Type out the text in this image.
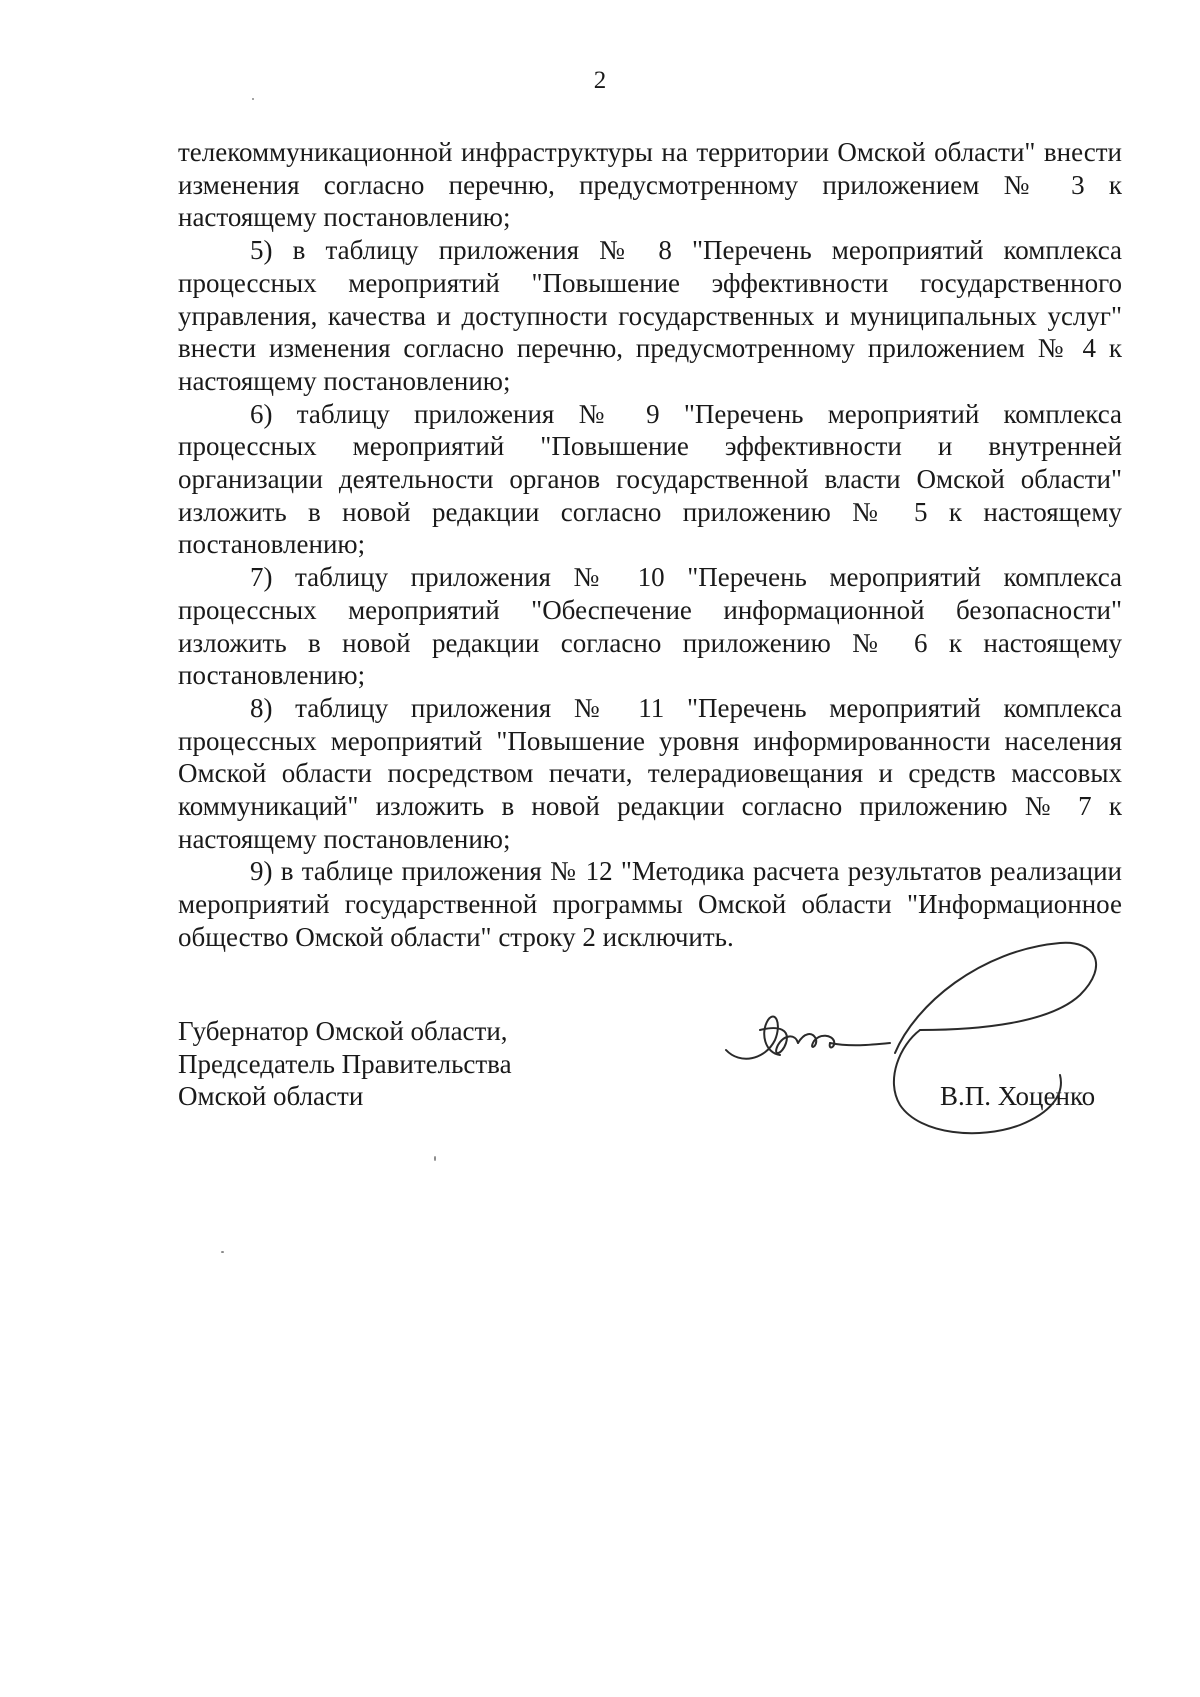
2

телекоммуникационной инфраструктуры на территории Омской области" внести изменения согласно перечню, предусмотренному приложением № 3 к настоящему постановлению;

5) в таблицу приложения № 8 "Перечень мероприятий комплекса процессных мероприятий "Повышение эффективности государственного управления, качества и доступности государственных и муниципальных услуг" внести изменения согласно перечню, предусмотренному приложением № 4 к настоящему постановлению;

6) таблицу приложения № 9 "Перечень мероприятий комплекса процессных мероприятий "Повышение эффективности и внутренней организации деятельности органов государственной власти Омской области" изложить в новой редакции согласно приложению № 5 к настоящему постановлению;

7) таблицу приложения № 10 "Перечень мероприятий комплекса процессных мероприятий "Обеспечение информационной безопасности" изложить в новой редакции согласно приложению № 6 к настоящему постановлению;

8) таблицу приложения № 11 "Перечень мероприятий комплекса процессных мероприятий "Повышение уровня информированности населения Омской области посредством печати, телерадиовещания и средств массовых коммуникаций" изложить в новой редакции согласно приложению № 7 к настоящему постановлению;

9) в таблице приложения № 12 "Методика расчета результатов реализации мероприятий государственной программы Омской области "Информационное общество Омской области" строку 2 исключить.

Губернатор Омской области,
Председатель Правительства
Омской области	В.П. Хоценко
